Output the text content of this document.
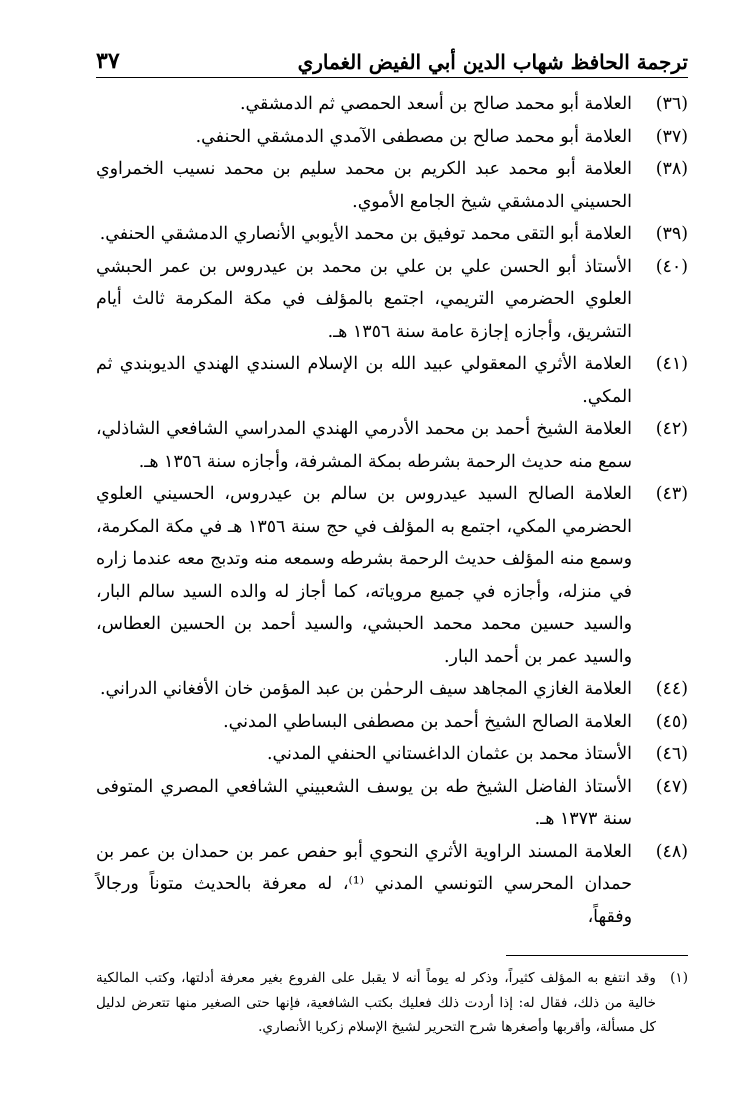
ترجمة الحافظ شهاب الدين أبي الفيض الغماري
٣٧
(٣٦)
العلامة أبو محمد صالح بن أسعد الحمصي ثم الدمشقي.
(٣٧)
العلامة أبو محمد صالح بن مصطفى الآمدي الدمشقي الحنفي.
(٣٨)
العلامة أبو محمد عبد الكريم بن محمد سليم بن محمد نسيب الخمراوي الحسيني الدمشقي شيخ الجامع الأموي.
(٣٩)
العلامة أبو التقى محمد توفيق بن محمد الأيوبي الأنصاري الدمشقي الحنفي.
(٤٠)
الأستاذ أبو الحسن علي بن علي بن محمد بن عيدروس بن عمر الحبشي العلوي الحضرمي التريمي، اجتمع بالمؤلف في مكة المكرمة ثالث أيام التشريق، وأجازه إجازة عامة سنة ١٣٥٦ هـ.
(٤١)
العلامة الأثري المعقولي عبيد الله بن الإسلام السندي الهندي الديوبندي ثم المكي.
(٤٢)
العلامة الشيخ أحمد بن محمد الأدرمي الهندي المدراسي الشافعي الشاذلي، سمع منه حديث الرحمة بشرطه بمكة المشرفة، وأجازه سنة ١٣٥٦ هـ.
(٤٣)
العلامة الصالح السيد عيدروس بن سالم بن عيدروس، الحسيني العلوي الحضرمي المكي، اجتمع به المؤلف في حج سنة ١٣٥٦ هـ في مكة المكرمة، وسمع منه المؤلف حديث الرحمة بشرطه وسمعه منه وتدبج معه عندما زاره في منزله، وأجازه في جميع مروياته، كما أجاز له والده السيد سالم البار، والسيد حسين محمد محمد الحبشي، والسيد أحمد بن الحسين العطاس، والسيد عمر بن أحمد البار.
(٤٤)
العلامة الغازي المجاهد سيف الرحمٰن بن عبد المؤمن خان الأفغاني الدراني.
(٤٥)
العلامة الصالح الشيخ أحمد بن مصطفى البساطي المدني.
(٤٦)
الأستاذ محمد بن عثمان الداغستاني الحنفي المدني.
(٤٧)
الأستاذ الفاضل الشيخ طه بن يوسف الشعبيني الشافعي المصري المتوفى سنة ١٣٧٣ هـ.
(٤٨)
العلامة المسند الراوية الأثري النحوي أبو حفص عمر بن حمدان بن عمر بن حمدان المحرسي التونسي المدني ⁽¹⁾، له معرفة بالحديث متوناً ورجالاً وفقهاً،
(١)
وقد انتفع به المؤلف كثيراً، وذكر له يوماً أنه لا يقبل على الفروع بغير معرفة أدلتها، وكتب المالكية خالية من ذلك، فقال له: إذا أردت ذلك فعليك بكتب الشافعية، فإنها حتى الصغير منها تتعرض لدليل كل مسألة، وأقربها وأصغرها شرح التحرير لشيخ الإسلام زكريا الأنصاري.
